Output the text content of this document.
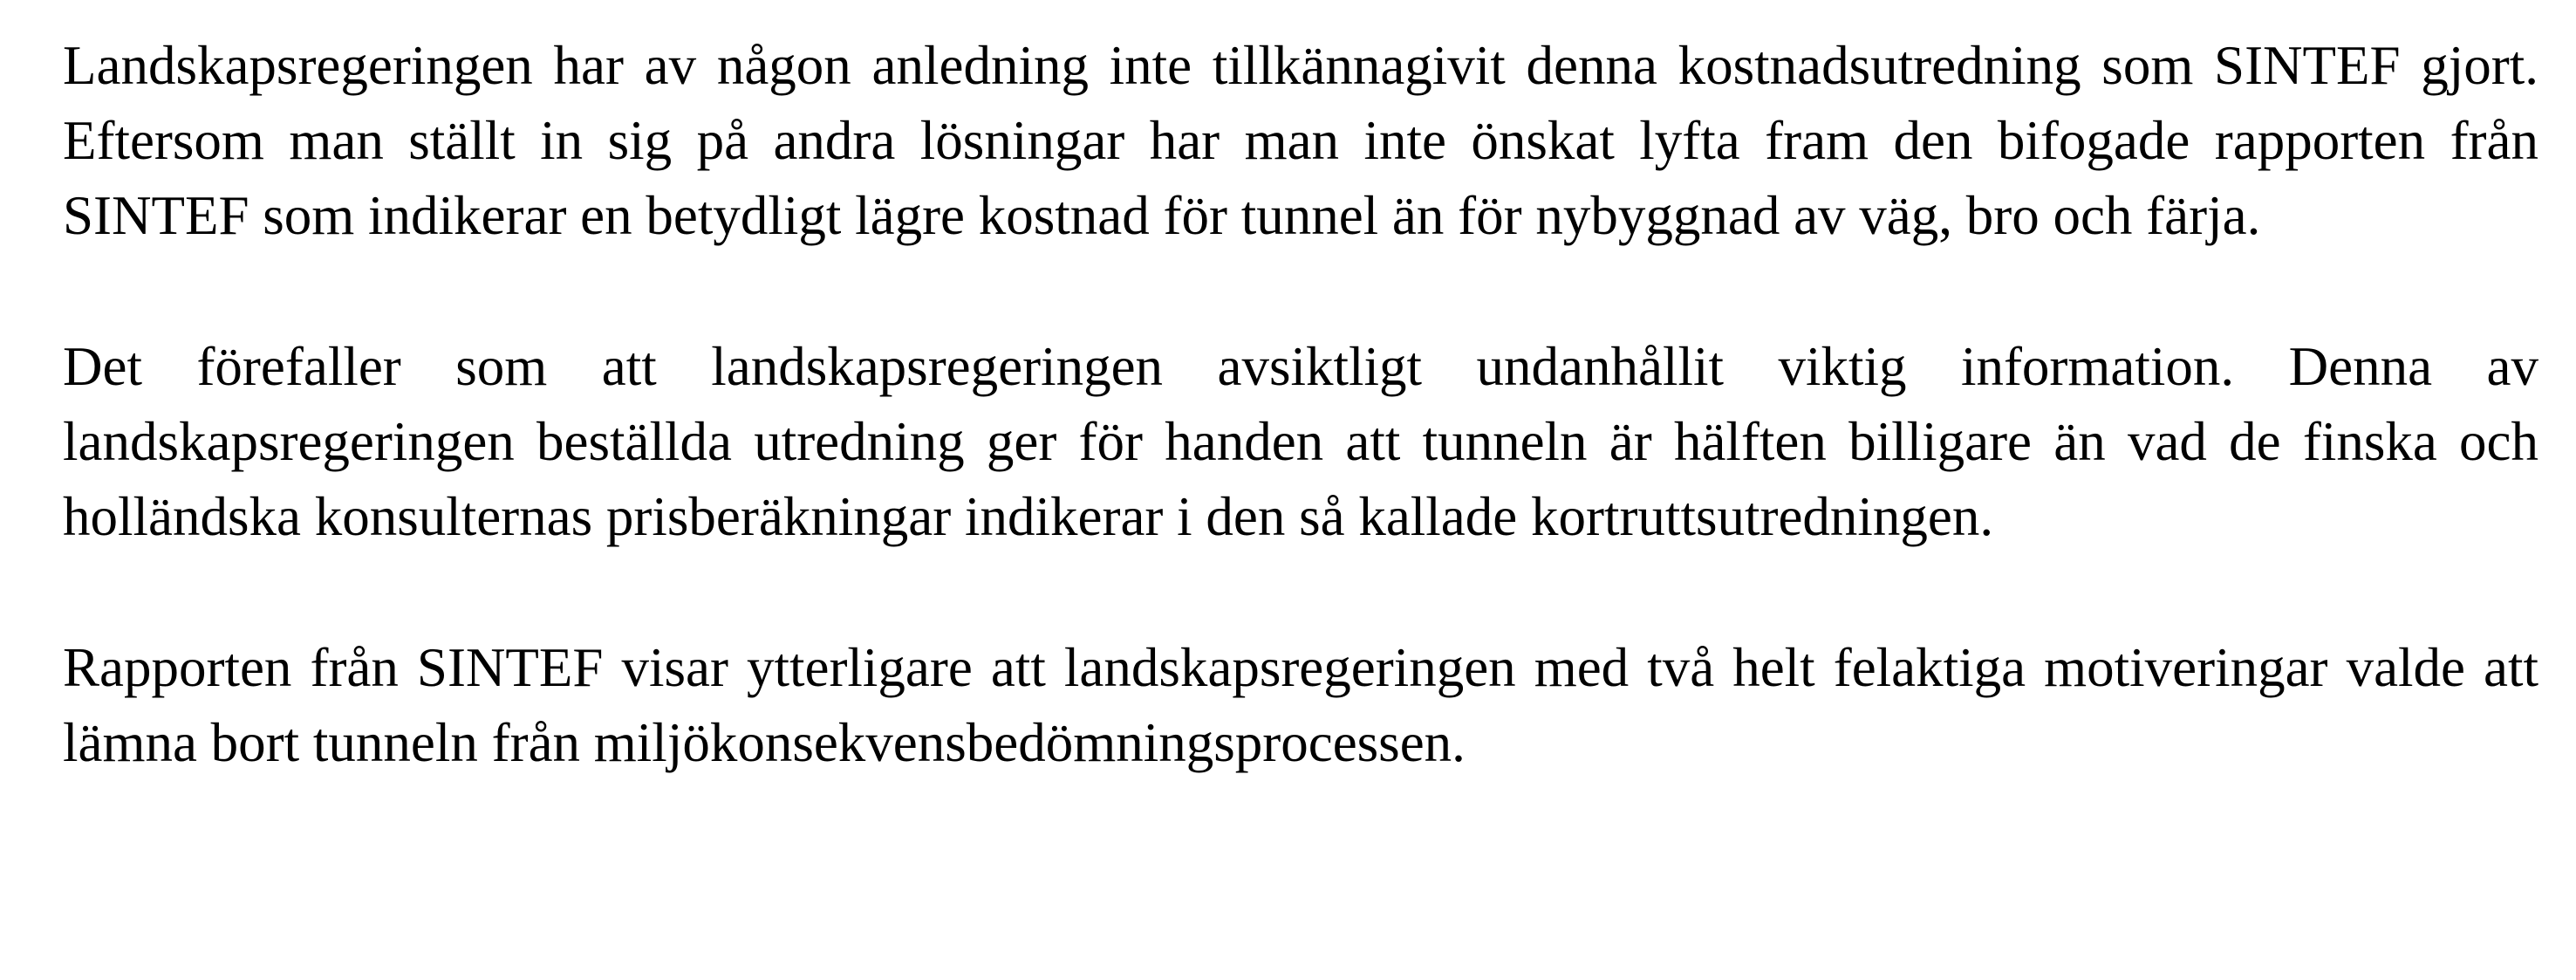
Landskapsregeringen har av någon anledning inte tillkännagivit denna kostnadsutredning som SINTEF gjort. Eftersom man ställt in sig på andra lösningar har man inte önskat lyfta fram den bifogade rapporten från SINTEF som indikerar en betydligt lägre kostnad för tunnel än för nybyggnad av väg, bro och färja.

Det förefaller som att landskapsregeringen avsiktligt undanhållit viktig information. Denna av landskapsregeringen beställda utredning ger för handen att tunneln är hälften billigare än vad de finska och holländska konsulternas prisberäkningar indikerar i den så kallade kortruttsutredningen.

Rapporten från SINTEF visar ytterligare att landskapsregeringen med två helt felaktiga motiveringar valde att lämna bort tunneln från miljökonsekvensbedömningsprocessen.
